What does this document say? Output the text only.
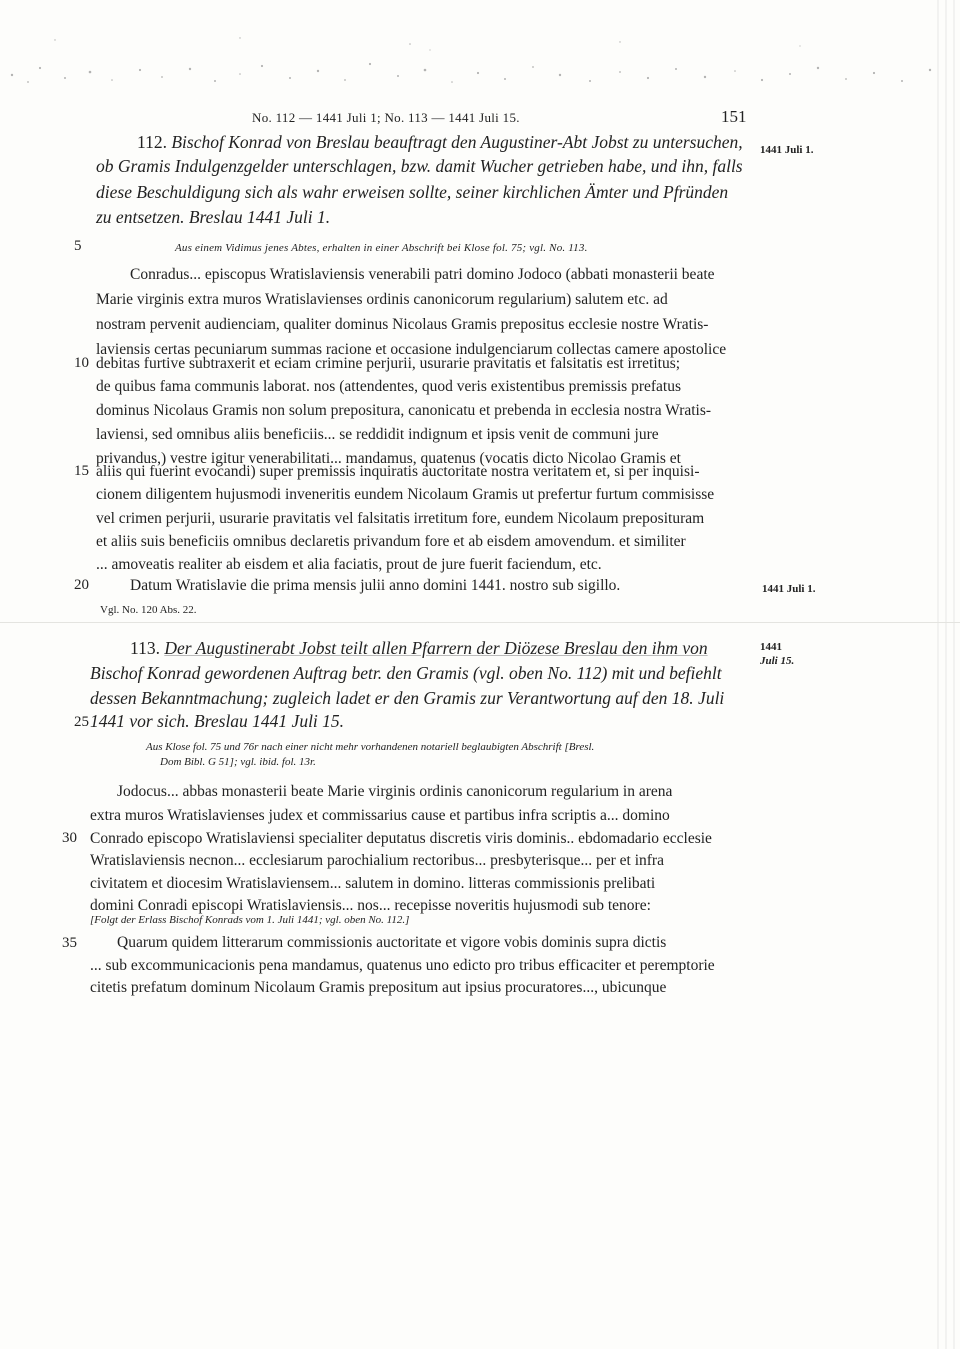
No. 112 — 1441 Juli 1; No. 113 — 1441 Juli 15.	151
112. Bischof Konrad von Breslau beauftragt den Augustiner-Abt Jobst zu untersuchen,
ob Gramis Indulgenzgelder unterschlagen, bzw. damit Wucher getrieben habe, und ihn, falls
diese Beschuldigung sich als wahr erweisen sollte, seiner kirchlichen Ämter und Pfründen
zu entsetzen. Breslau 1441 Juli 1.
1441 Juli 1.
5	Aus einem Vidimus jenes Abtes, erhalten in einer Abschrift bei Klose fol. 75; vgl. No. 113.
Conradus... episcopus Wratislaviensis venerabili patri domino Jodoco (abbati monasterii beate
Marie virginis extra muros Wratislavienses ordinis canonicorum regularium) salutem etc. ad
nostram pervenit audienciam, qualiter dominus Nicolaus Gramis prepositus ecclesie nostre Wratis-
laviensis certas pecuniarum summas racione et occasione indulgenciarum collectas camere apostolice
10 debitas furtive subtraxerit et eciam crimine perjurii, usurarie pravitatis et falsitatis est irretitus;
de quibus fama communis laborat. nos (attendentes, quod veris existentibus premissis prefatus
dominus Nicolaus Gramis non solum prepositura, canonicatu et prebenda in ecclesia nostra Wratis-
laviensi, sed omnibus aliis beneficiis... se reddidit indignum et ipsis venit de communi jure
privandus,) vestre igitur venerabilitati... mandamus, quatenus (vocatis dicto Nicolao Gramis et
15 aliis qui fuerint evocandi) super premissis inquiratis auctoritate nostra veritatem et, si per inquisi-
cionem diligentem hujusmodi inveneritis eundem Nicolaum Gramis ut prefertur furtum commisisse
vel crimen perjurii, usurarie pravitatis vel falsitatis irretitum fore, eundem Nicolaum preposituram
et aliis suis beneficiis omnibus declaretis privandum fore et ab eisdem amovendum. et similiter
... amoveatis realiter ab eisdem et alia faciatis, prout de jure fuerit faciendum, etc.
20	Datum Wratislavie die prima mensis julii anno domini 1441. nostro sub sigillo.	1441 Juli 1.
Vgl. No. 120 Abs. 22.
113. Der Augustinerabt Jobst teilt allen Pfarrern der Diözese Breslau den ihm von	1441
Juli 15.
Bischof Konrad gewordenen Auftrag betr. den Gramis (vgl. oben No. 112) mit und befiehlt
dessen Bekanntmachung; zugleich ladet er den Gramis zur Verantwortung auf den 18. Juli
25 1441 vor sich. Breslau 1441 Juli 15.
Aus Klose fol. 75 und 76r nach einer nicht mehr vorhandenen notariell beglaubigten Abschrift [Bresl.
Dom Bibl. G 51]; vgl. ibid. fol. 13r.
Jodocus... abbas monasterii beate Marie virginis ordinis canonicorum regularium in arena
extra muros Wratislavienses judex et commissarius cause et partibus infra scriptis a... domino
30 Conrado episcopo Wratislaviensi specialiter deputatus discretis viris dominis.. ebdomadario ecclesie
Wratislaviensis necnon... ecclesiarum parochialium rectoribus... presbyterisque... per et infra
civitatem et diocesim Wratislaviensem... salutem in domino. litteras commissionis prelibati
domini Conradi episcopi Wratislaviensis... nos... recepisse noveritis hujusmodi sub tenore:
[Folgt der Erlass Bischof Konrads vom 1. Juli 1441; vgl. oben No. 112.]
35	Quarum quidem litterarum commissionis auctoritate et vigore vobis dominis supra dictis
... sub excommunicacionis pena mandamus, quatenus uno edicto pro tribus efficaciter et peremptorie
citetis prefatum dominum Nicolaum Gramis prepositum aut ipsius procuratores..., ubicunque
